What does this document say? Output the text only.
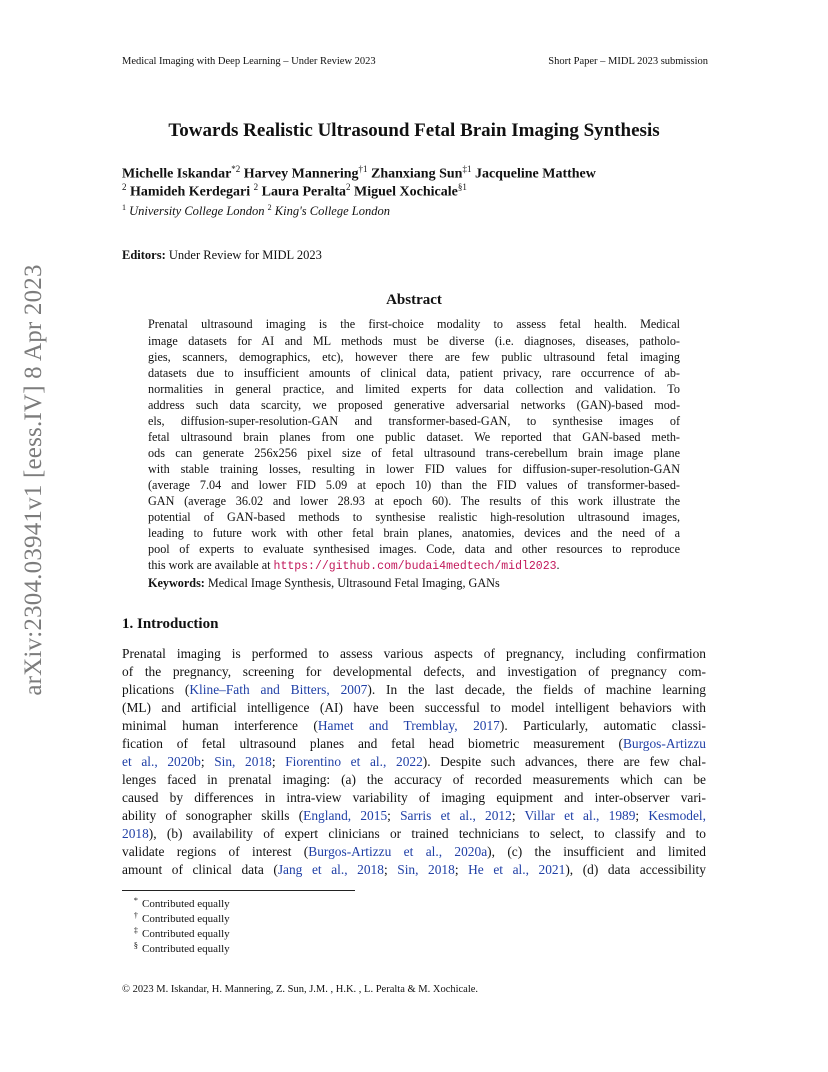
Medical Imaging with Deep Learning – Under Review 2023	Short Paper – MIDL 2023 submission
arXiv:2304.03941v1 [eess.IV] 8 Apr 2023
Towards Realistic Ultrasound Fetal Brain Imaging Synthesis
Michelle Iskandar$^{*2}$ Harvey Mannering$^{\dagger 1}$ Zhanxiang Sun$^{\ddagger 1}$ Jacqueline Matthew
$^2$ Hamideh Kerdegari $^2$ Laura Peralta$^2$ Miguel Xochicale$^{\S 1}$
$^1$ University College London $^2$ King's College London
Editors: Under Review for MIDL 2023
Abstract
Prenatal ultrasound imaging is the first-choice modality to assess fetal health. Medical
image datasets for AI and ML methods must be diverse (i.e. diagnoses, diseases, patholo-
gies, scanners, demographics, etc), however there are few public ultrasound fetal imaging
datasets due to insufficient amounts of clinical data, patient privacy, rare occurrence of ab-
normalities in general practice, and limited experts for data collection and validation. To
address such data scarcity, we proposed generative adversarial networks (GAN)-based mod-
els, diffusion-super-resolution-GAN and transformer-based-GAN, to synthesise images of
fetal ultrasound brain planes from one public dataset. We reported that GAN-based meth-
ods can generate 256x256 pixel size of fetal ultrasound trans-cerebellum brain image plane
with stable training losses, resulting in lower FID values for diffusion-super-resolution-GAN
(average 7.04 and lower FID 5.09 at epoch 10) than the FID values of transformer-based-
GAN (average 36.02 and lower 28.93 at epoch 60). The results of this work illustrate the
potential of GAN-based methods to synthesise realistic high-resolution ultrasound images,
leading to future work with other fetal brain planes, anatomies, devices and the need of a
pool of experts to evaluate synthesised images. Code, data and other resources to reproduce
this work are available at https://github.com/budai4medtech/midl2023.
Keywords: Medical Image Synthesis, Ultrasound Fetal Imaging, GANs
1. Introduction
Prenatal imaging is performed to assess various aspects of pregnancy, including confirmation
of the pregnancy, screening for developmental defects, and investigation of pregnancy com-
plications (Kline–Fath and Bitters, 2007). In the last decade, the fields of machine learning
(ML) and artificial intelligence (AI) have been successful to model intelligent behaviors with
minimal human interference (Hamet and Tremblay, 2017). Particularly, automatic classi-
fication of fetal ultrasound planes and fetal head biometric measurement (Burgos-Artizzu
et al., 2020b; Sin, 2018; Fiorentino et al., 2022). Despite such advances, there are few chal-
lenges faced in prenatal imaging: (a) the accuracy of recorded measurements which can be
caused by differences in intra-view variability of imaging equipment and inter-observer vari-
ability of sonographer skills (England, 2015; Sarris et al., 2012; Villar et al., 1989; Kesmodel,
2018), (b) availability of expert clinicians or trained technicians to select, to classify and to
validate regions of interest (Burgos-Artizzu et al., 2020a), (c) the insufficient and limited
amount of clinical data (Jang et al., 2018; Sin, 2018; He et al., 2021), (d) data accessibility
* Contributed equally
† Contributed equally
‡ Contributed equally
§ Contributed equally
© 2023 M. Iskandar, H. Mannering, Z. Sun, J.M. , H.K. , L. Peralta & M. Xochicale.
